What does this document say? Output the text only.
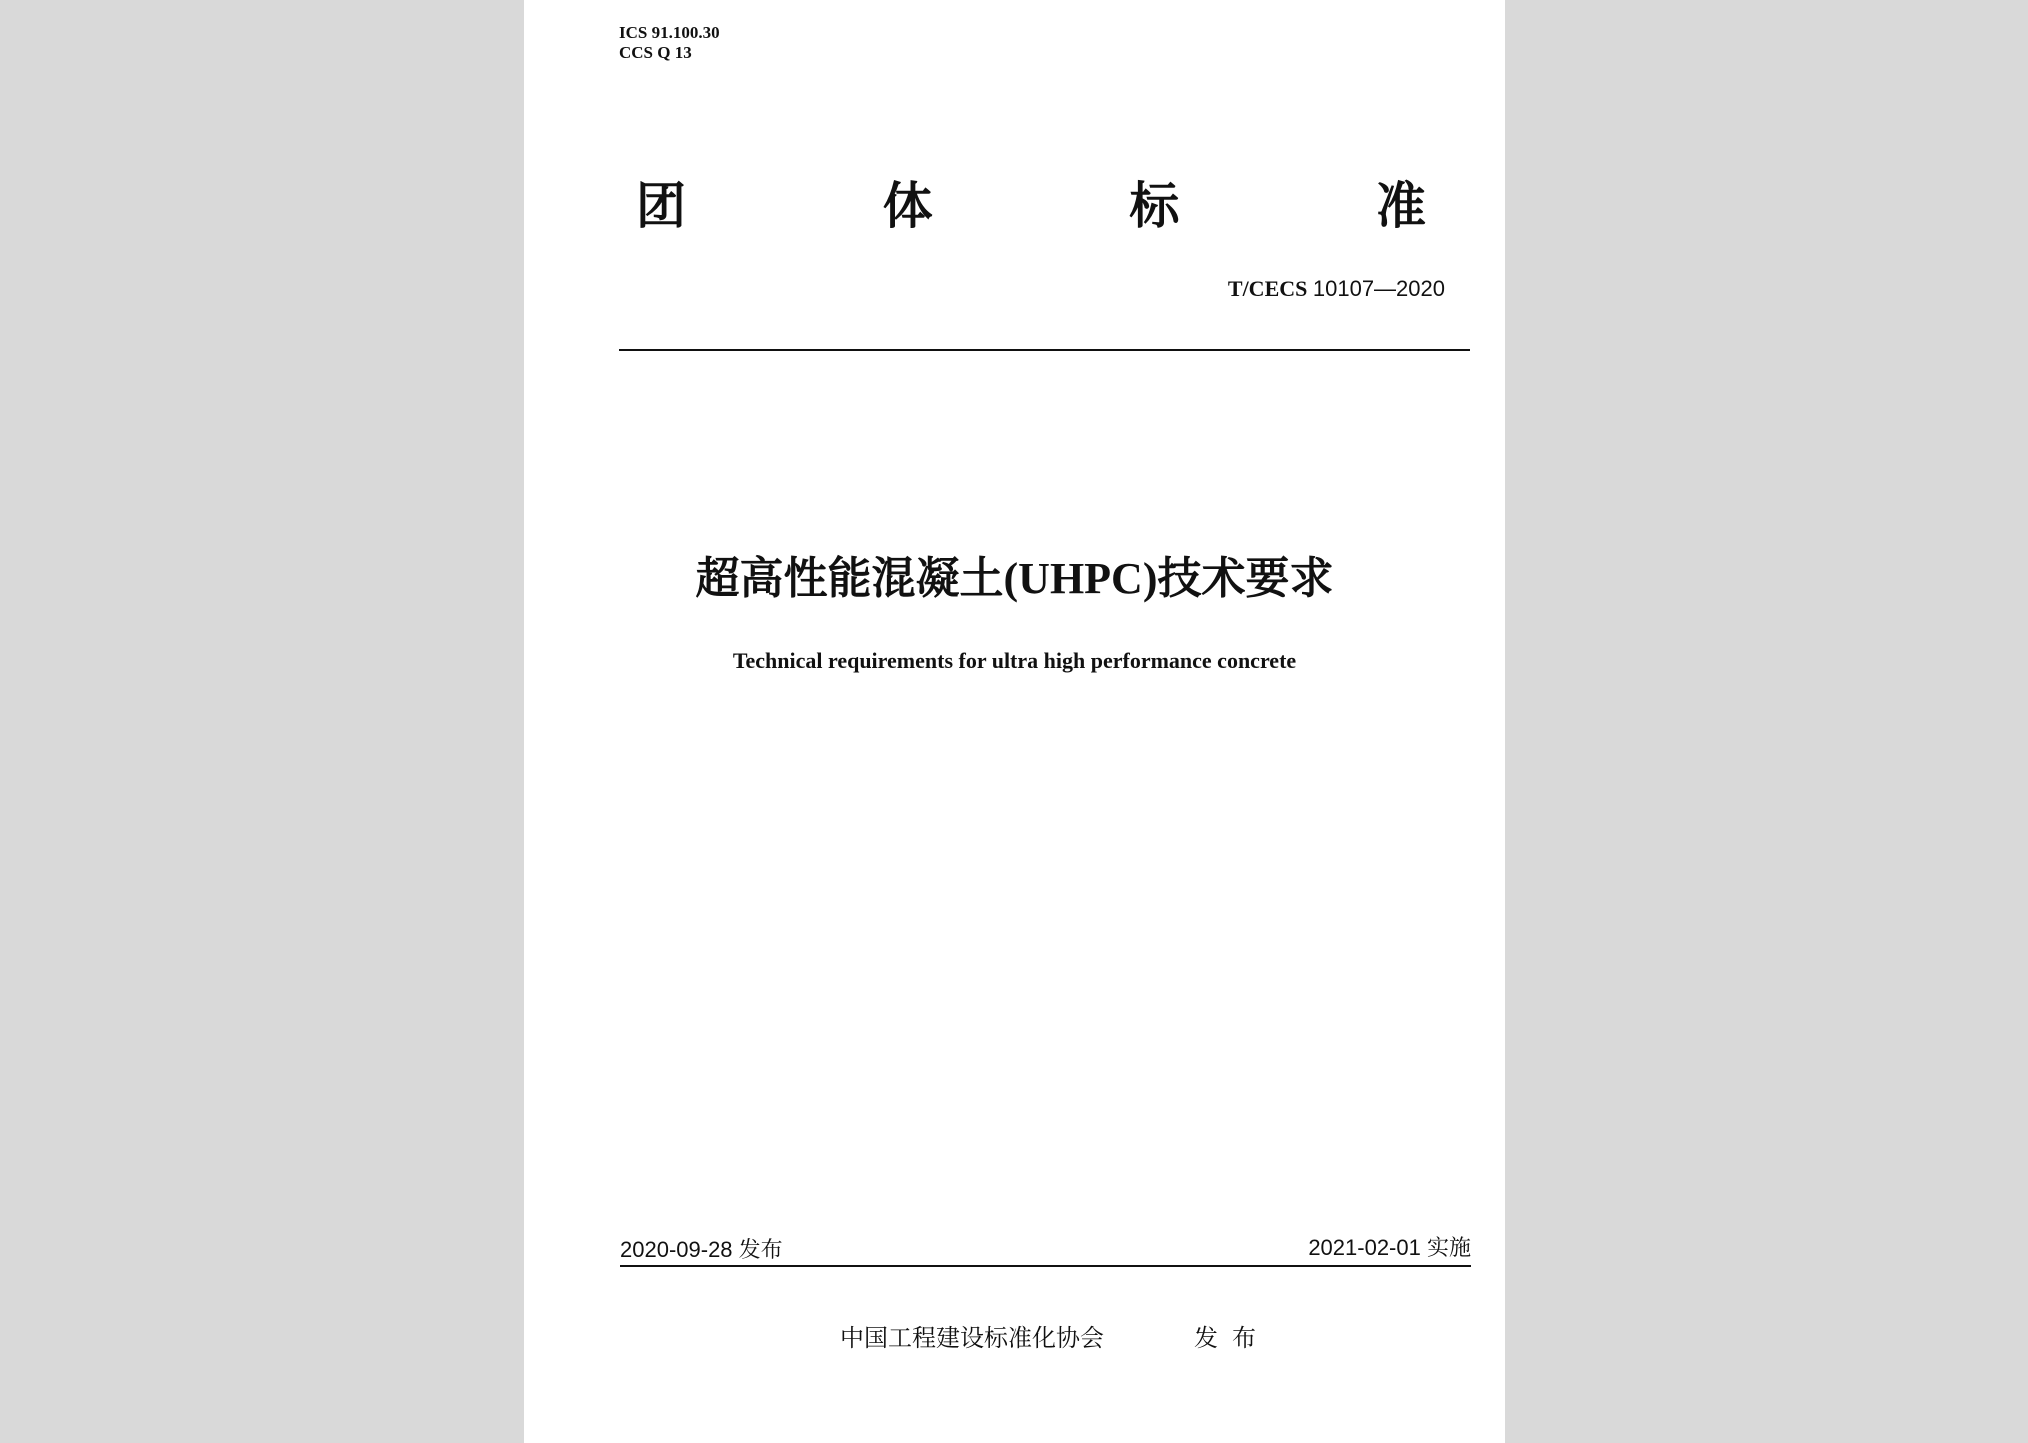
ICS 91.100.30
CCS Q 13
团	体	标	准
T/CECS 10107—2020
超高性能混凝土(UHPC)技术要求
Technical requirements for ultra high performance concrete
2020-09-28 发布	2021-02-01 实施
中国工程建设标准化协会	发布
